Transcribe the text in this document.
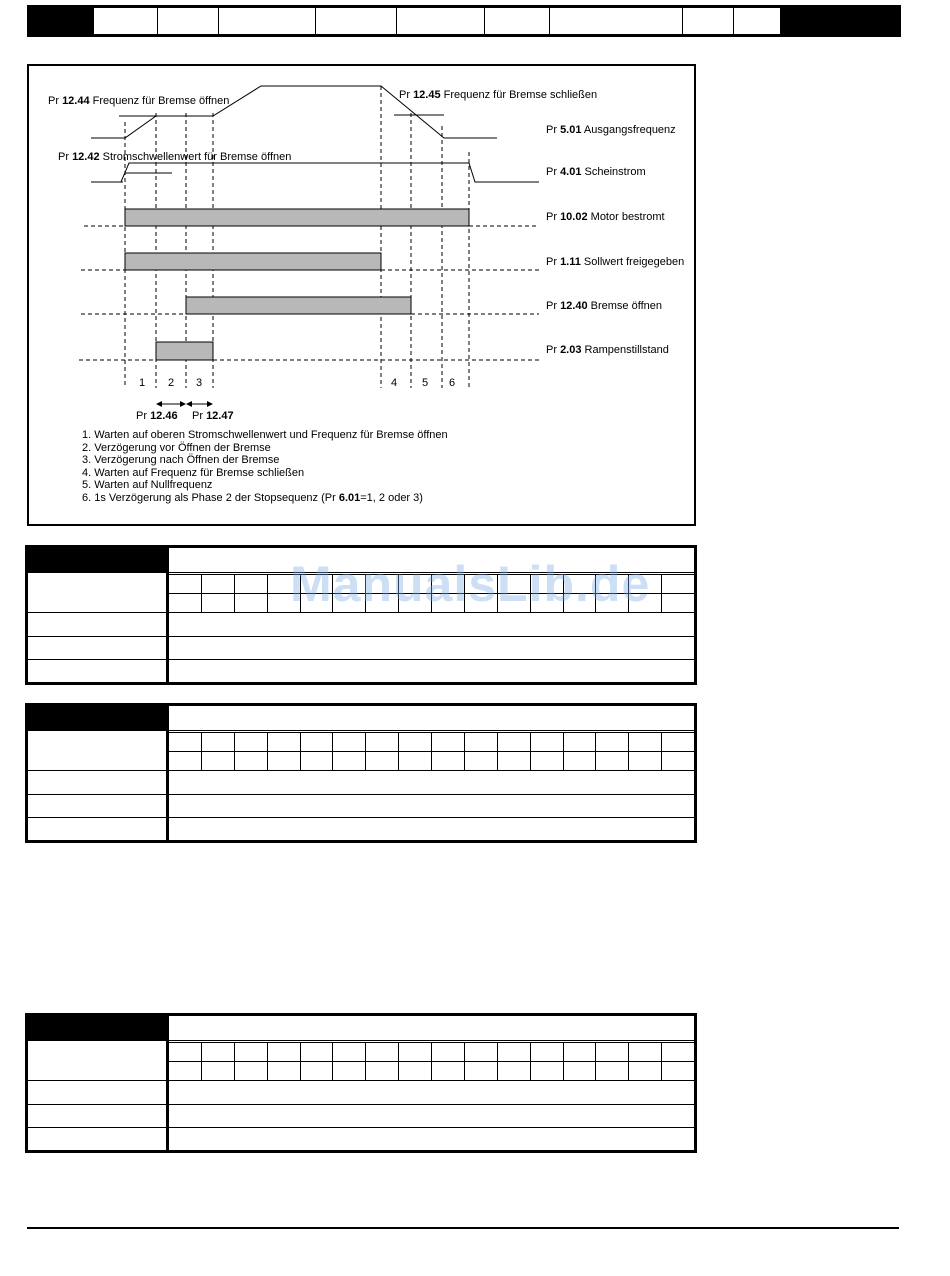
Pr 5.01 Ausgangsfrequenz
Pr 4.01 Scheinstrom
Pr 10.02 Motor bestromt
Pr 1.11 Sollwert freigegeben
Pr 12.40 Bremse öffnen
Pr 2.03 Rampenstillstand
Pr 12.44 Frequenz für Bremse öffnen	Pr 12.45 Frequenz für Bremse schließen
Pr 12.42 Stromschwellenwert für Bremse öffnen
1 2 3	4 5 6
Pr 12.46 Pr 12.47
1. Warten auf oberen Stromschwellenwert und Frequenz für Bremse öffnen
2. Verzögerung vor Öffnen der Bremse
3. Verzögerung nach Öffnen der Bremse
4. Warten auf Frequenz für Bremse schließen
5. Warten auf Nullfrequenz
6. 1s Verzögerung als Phase 2 der Stopsequenz (Pr 6.01=1, 2 oder 3)
ManualsLib.de
